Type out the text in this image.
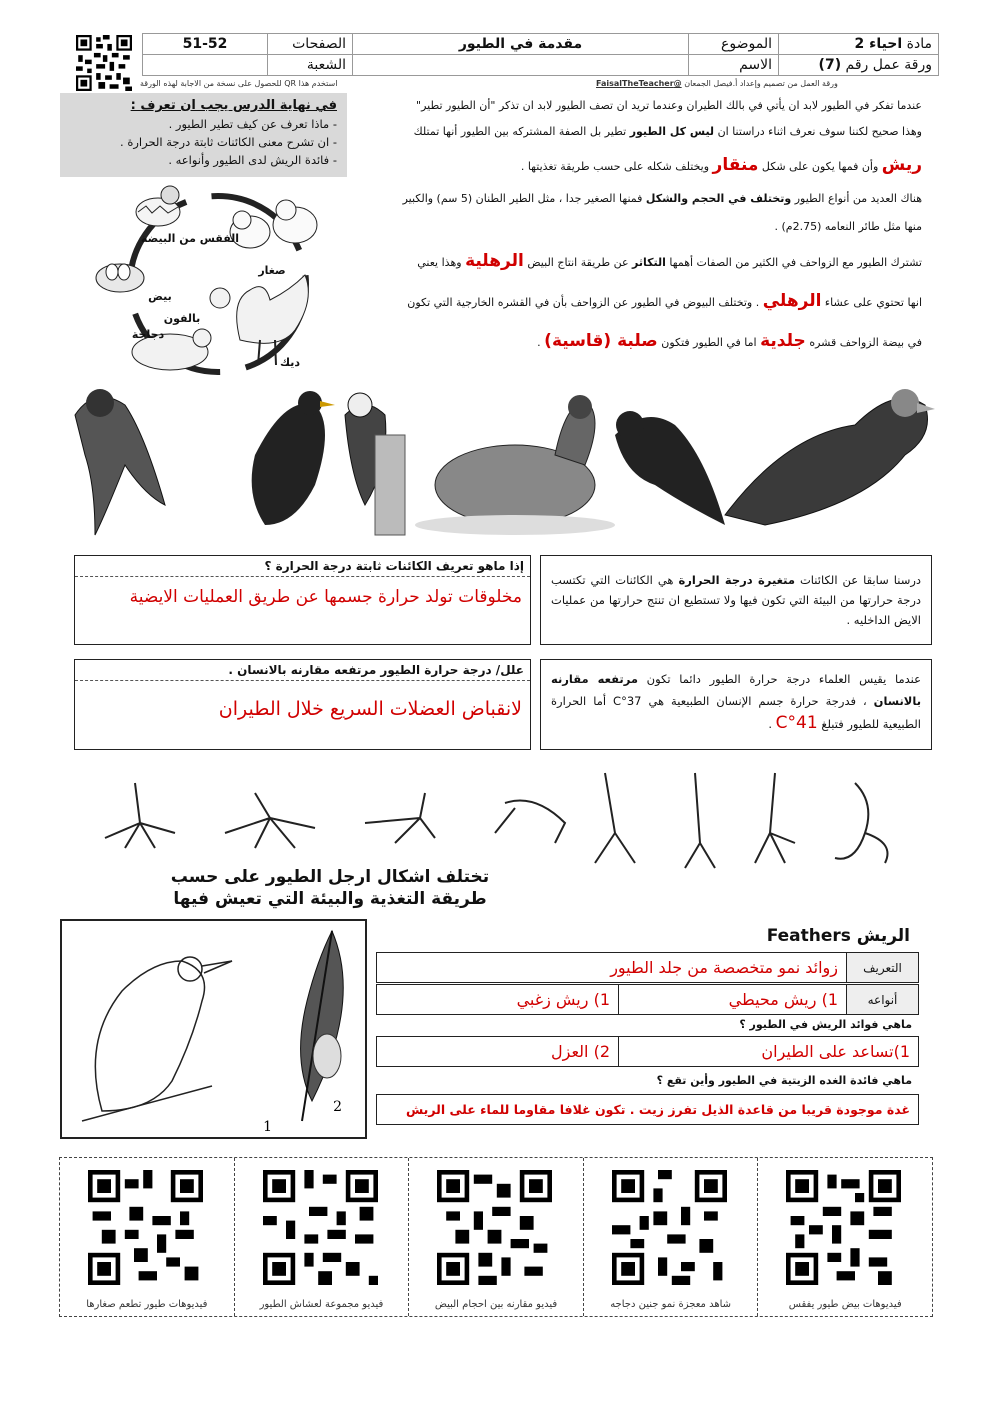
مادة احياء 2	الموضوع	مقدمة في الطيور	الصفحات	51-52
ورقة عمل رقم (7)	الاسم		الشعبة	
ورقة العمل من تصميم وإعداد أ.فيصل الجمعان @FaisalTheTeacher
استخدم هذا QR للحصول على نسخة من الاجابة لهذه الورقة
في نهاية الدرس يجب ان تعرف :
- ماذا تعرف عن كيف تطير الطيور .
- ان تشرح معنى الكائنات ثابتة درجة الحرارة .
- فائدة الريش لدى الطيور وأنواعه .
الفقس من البيضة
صغار
بيض
بالفون
دجاجة
ديك
عندما تفكر في الطيور لابد ان يأتي في بالك الطيران وعندما تريد ان تصف الطيور لابد ان تذكر "أن الطيور تطير"
وهذا صحيح لكننا سوف نعرف اثناء دراستنا ان ليس كل الطيور تطير بل الصفة المشتركه بين الطيور أنها تمتلك
ريش وأن فمها يكون على شكل منقار ويختلف شكله على حسب طريقة تغذيتها .
هناك العديد من أنواع الطيور وتختلف في الحجم والشكل فمنها الصغير جدا ، مثل الطير الطنان (5 سم) والكبير
منها مثل طائر النعامه (2.75م) .
تشترك الطيور مع الزواحف في الكثير من الصفات أهمها التكاثر عن طريقة انتاج البيض الرهلية وهذا يعني
انها تحتوي على عشاء الرهلي . وتختلف البيوض في الطيور عن الزواحف بأن في القشره الخارجية التي تكون
في بيضة الزواحف قشره جلدية اما في الطيور فتكون صلبة (قاسية) .
درسنا سابقا عن الكائنات متغيرة درجة الحرارة هي الكائنات التي تكتسب درجة حرارتها من البيئة التي تكون فيها ولا تستطيع ان تنتج حرارتها من عمليات الايض الداخليه .
إذا ماهو تعريف الكائنات ثابتة درجة الحرارة ؟
مخلوقات تولد حرارة جسمها عن طريق العمليات الايضية
عندما يقيس العلماء درجة حرارة الطيور دائما تكون مرتفعه مقارنه بالانسان ، فدرجة حرارة جسم الإنسان الطبيعية هي 37°C أما الحرارة الطبيعية للطيور فتبلغ 41°C .
علل/ درجة حرارة الطيور مرتفعه مقارنه بالانسان .
لانقباض العضلات السريع خلال الطيران
تختلف اشكال ارجل الطيور على حسب
طريقة التغذية والبيئة التي تعيش فيها
1
2
الريش Feathers
التعريف	زوائد نمو متخصصة من جلد الطيور
أنواعه	1) ريش محيطي	1) ريش زغبي
ماهي فوائد الريش في الطيور ؟
1)تساعد على الطيران	2) العزل
ماهي فائدة الغده الزيتية في الطيور وأين تقع ؟
غدة موجودة قريبا من قاعدة الذيل تفرز زيت . تكون غلافا مقاوما للماء على الريش
فيديوهات بيض طيور يفقس
شاهد معجزة نمو جنين دجاجه
فيديو مقارنه بين احجام البيض
فيديو مجموعة لعشاش الطيور
فيديوهات طيور تطعم صغارها
